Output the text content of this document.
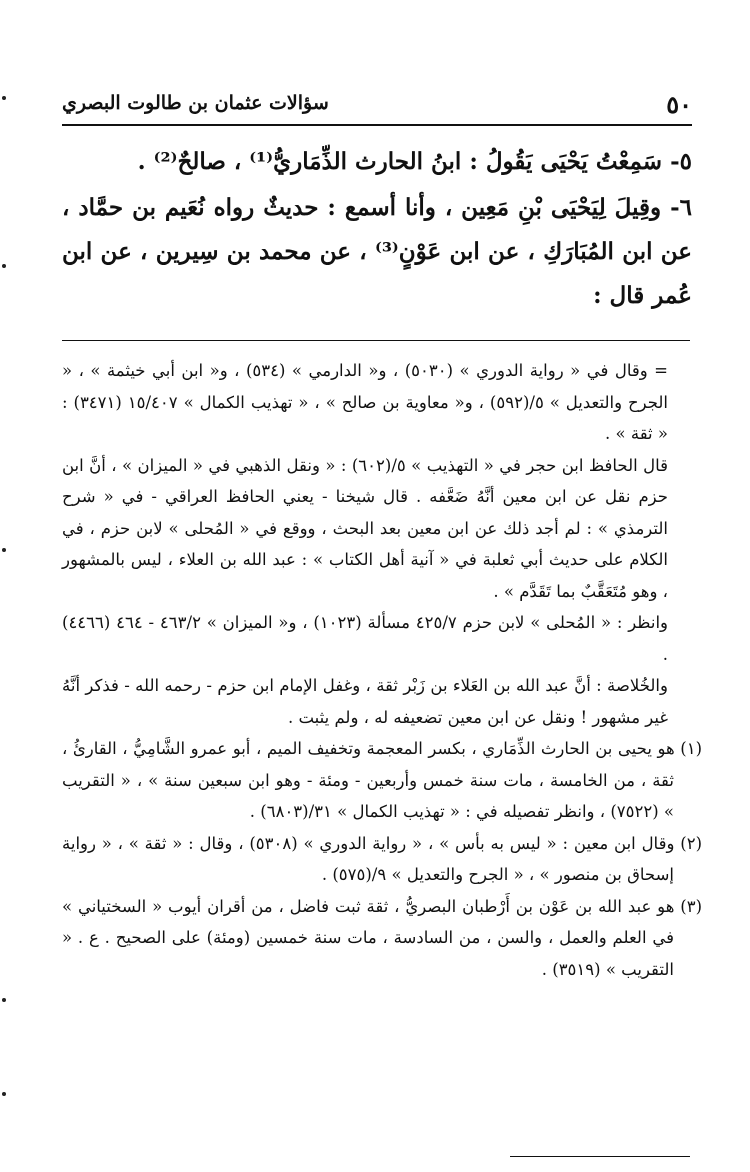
٥٠
سؤالات عثمان بن طالوت البصري

٥- سَمِعْتُ يَحْيَى يَقُولُ : ابنُ الحارث الذِّمَاريُّ⁽¹⁾ ، صالحٌ⁽²⁾ .

٦- وقِيلَ لِيَحْيَى بْنِ مَعِين ، وأنا أسمع : حديثٌ رواه نُعَيم بن حمَّاد ، عن ابن المُبَارَكِ ، عن ابن عَوْنٍ⁽³⁾ ، عن محمد بن سِيرين ، عن ابن عُمر قال :

= وقال في « رواية الدوري » (٥٠٣٠) ، و« الدارمي » (٥٣٤) ، و« ابن أبي خيثمة » ، « الجرح والتعديل » ٥/(٥٩٢) ، و« معاوية بن صالح » ، « تهذيب الكمال » ١٥/٤٠٧ (٣٤٧١) : « ثقة » .

قال الحافظ ابن حجر في « التهذيب » ٥/(٦٠٢) : « ونقل الذهبي في « الميزان » ، أنَّ ابن حزم نقل عن ابن معين أنَّهُ ضَعَّفه . قال شيخنا - يعني الحافظ العراقي - في « شرح الترمذي » : لم أجد ذلك عن ابن معين بعد البحث ، ووقع في « المُحلى » لابن حزم ، في الكلام على حديث أبي ثعلبة في « آنية أهل الكتاب » : عبد الله بن العلاء ، ليس بالمشهور ، وهو مُتَعَقَّبٌ بما تَقَدَّم » .

وانظر : « المُحلى » لابن حزم ٤٢٥/٧ مسألة (١٠٢٣) ، و« الميزان » ٤٦٣/٢ - ٤٦٤ (٤٤٦٦) .

والخُلاصة : أنَّ عبد الله بن العَلاء بن زَبْر ثقة ، وغفل الإمام ابن حزم - رحمه الله - فذكر أنَّهُ غير مشهور ! ونقل عن ابن معين تضعيفه له ، ولم يثبت .

(١) هو يحيى بن الحارث الذِّمَاري ، بكسر المعجمة وتخفيف الميم ، أبو عمرو الشَّامِيُّ ، القارئُ ، ثقة ، من الخامسة ، مات سنة خمس وأربعين - ومئة - وهو ابن سبعين سنة » ، « التقريب » (٧٥٢٢) ، وانظر تفصيله في : « تهذيب الكمال » ٣١/(٦٨٠٣) .

(٢) وقال ابن معين : « ليس به بأس » ، « رواية الدوري » (٥٣٠٨) ، وقال : « ثقة » ، « رواية إسحاق بن منصور » ، « الجرح والتعديل » ٩/(٥٧٥) .

(٣) هو عبد الله بن عَوْن بن أَرْطبان البصريُّ ، ثقة ثبت فاضل ، من أقران أيوب « السختياني » في العلم والعمل ، والسن ، من السادسة ، مات سنة خمسين (ومئة) على الصحيح . ع . « التقريب » (٣٥١٩) .
